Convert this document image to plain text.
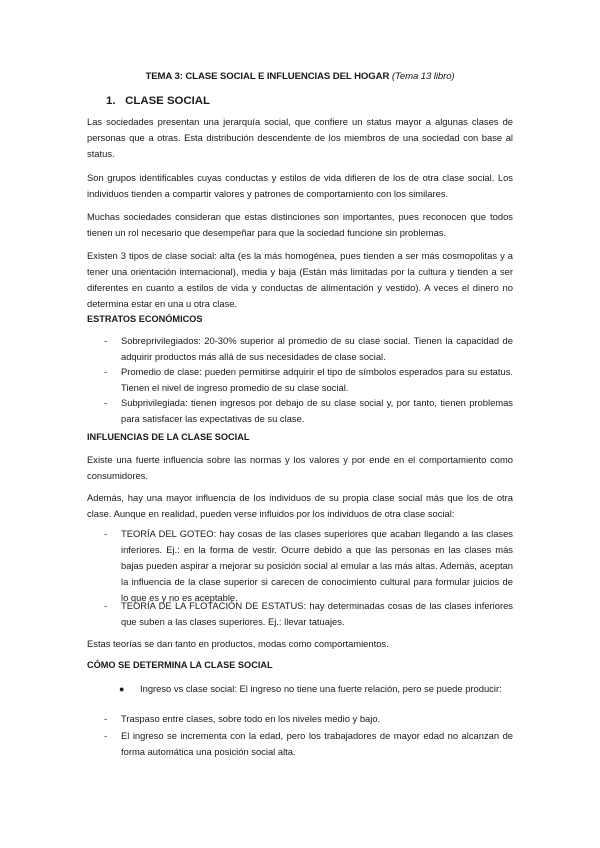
TEMA 3: CLASE SOCIAL E INFLUENCIAS DEL HOGAR (Tema 13 libro)
1. CLASE SOCIAL
Las sociedades presentan una jerarquía social, que confiere un status mayor a algunas clases de personas que a otras. Esta distribución descendente de los miembros de una sociedad con base al status.
Son grupos identificables cuyas conductas y estilos de vida difieren de los de otra clase social. Los individuos tienden a compartir valores y patrones de comportamiento con los similares.
Muchas sociedades consideran que estas distinciones son importantes, pues reconocen que todos tienen un rol necesario que desempeñar para que la sociedad funcione sin problemas.
Existen 3 tipos de clase social: alta (es la más homogénea, pues tienden a ser más cosmopolitas y a tener una orientación internacional), media y baja (Están más limitadas por la cultura y tienden a ser diferentes en cuanto a estilos de vida y conductas de alimentación y vestido). A veces el dinero no determina estar en una u otra clase.
ESTRATOS ECONÓMICOS
- Sobreprivilegiados: 20-30% superior al promedio de su clase social. Tienen la capacidad de adquirir productos más allá de sus necesidades de clase social.
- Promedio de clase: pueden permitirse adquirir el tipo de símbolos esperados para su estatus. Tienen el nivel de ingreso promedio de su clase social.
- Subprivilegiada: tienen ingresos por debajo de su clase social y, por tanto, tienen problemas para satisfacer las expectativas de su clase.
INFLUENCIAS DE LA CLASE SOCIAL
Existe una fuerte influencia sobre las normas y los valores y por ende en el comportamiento como consumidores.
Además, hay una mayor influencia de los individuos de su propia clase social más que los de otra clase. Aunque en realidad, pueden verse influidos por los individuos de otra clase social:
- TEORÍA DEL GOTEO: hay cosas de las clases superiores que acaban llegando a las clases inferiores. Ej.: en la forma de vestir. Ocurre debido a que las personas en las clases más bajas pueden aspirar a mejorar su posición social al emular a las más altas. Además, aceptan la influencia de la clase superior si carecen de conocimiento cultural para formular juicios de lo que es y no es aceptable.
- TEORÍA DE LA FLOTACIÓN DE ESTATUS: hay determinadas cosas de las clases inferiores que suben a las clases superiores. Ej.: llevar tatuajes.
Estas teorías se dan tanto en productos, modas como comportamientos.
CÓMO SE DETERMINA LA CLASE SOCIAL
● Ingreso vs clase social: El ingreso no tiene una fuerte relación, pero se puede producir:
- Traspaso entre clases, sobre todo en los niveles medio y bajo.
- El ingreso se incrementa con la edad, pero los trabajadores de mayor edad no alcanzan de forma automática una posición social alta.
